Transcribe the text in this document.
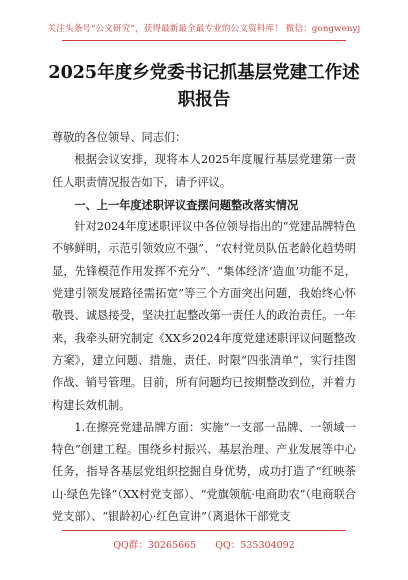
关注头条号“公文研究”，获得最新最全最专业的公文资料库！ 微信：gongwenyj
2025年度乡党委书记抓基层党建工作述职报告

尊敬的各位领导、同志们：

根据会议安排，现将本人2025年度履行基层党建第一责任人职责情况报告如下，请予评议。

一、上一年度述职评议查摆问题整改落实情况

针对2024年度述职评议中各位领导指出的“党建品牌特色不够鲜明，示范引领效应不强”、“农村党员队伍老龄化趋势明显，先锋模范作用发挥不充分”、“集体经济‘造血’功能不足，党建引领发展路径需拓宽”等三个方面突出问题，我始终心怀敬畏、诚恳接受，坚决扛起整改第一责任人的政治责任。一年来，我牵头研究制定《XX乡2024年度党建述职评议问题整改方案》，建立问题、措施、责任、时限“四张清单”，实行挂图作战、销号管理。目前，所有问题均已按期整改到位，并着力构建长效机制。

1.在擦亮党建品牌方面：实施“一支部一品牌、一领域一特色”创建工程。围绕乡村振兴、基层治理、产业发展等中心任务，指导各基层党组织挖掘自身优势，成功打造了“红映茶山·绿色先锋”（XX村党支部）、“党旗领航·电商助农”（电商联合党支部）、“银龄初心·红色宣讲”（离退休干部党支

QQ群：30265665 QQ：535304092
